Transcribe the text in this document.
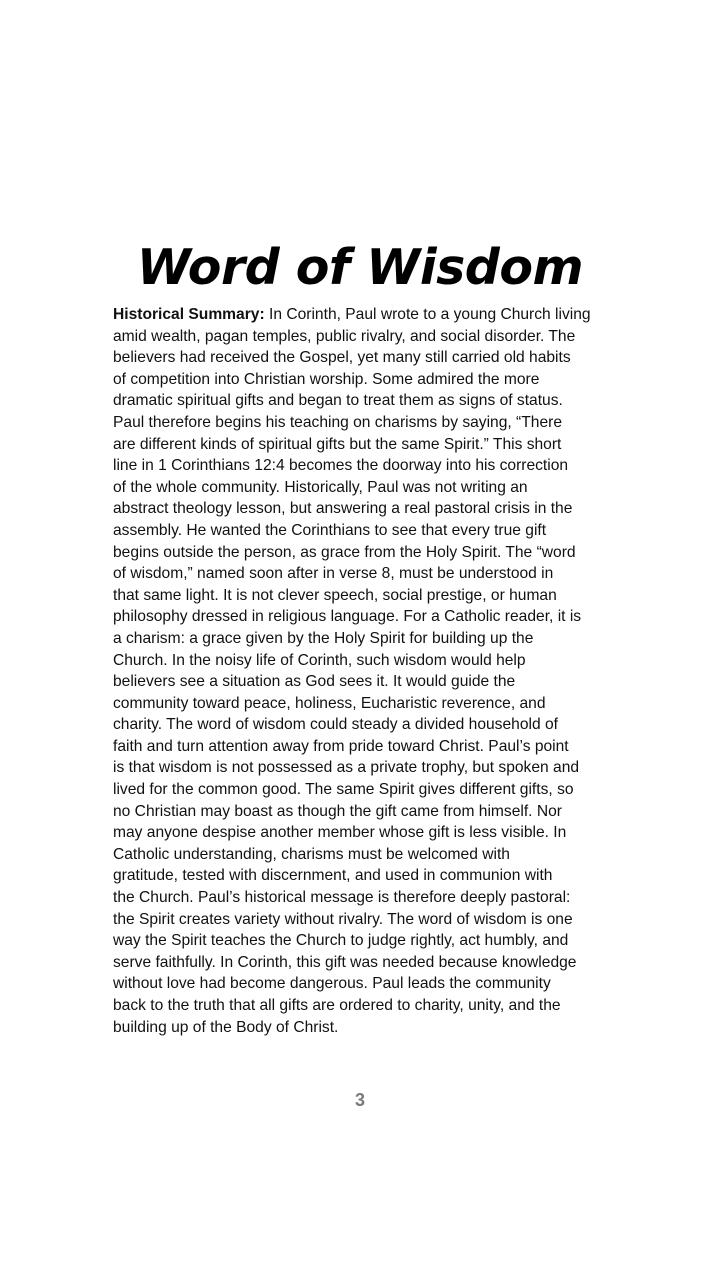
Word of Wisdom
Historical Summary: In Corinth, Paul wrote to a young Church living
amid wealth, pagan temples, public rivalry, and social disorder. The
believers had received the Gospel, yet many still carried old habits
of competition into Christian worship. Some admired the more
dramatic spiritual gifts and began to treat them as signs of status.
Paul therefore begins his teaching on charisms by saying, “There
are different kinds of spiritual gifts but the same Spirit.” This short
line in 1 Corinthians 12:4 becomes the doorway into his correction
of the whole community. Historically, Paul was not writing an
abstract theology lesson, but answering a real pastoral crisis in the
assembly. He wanted the Corinthians to see that every true gift
begins outside the person, as grace from the Holy Spirit. The “word
of wisdom,” named soon after in verse 8, must be understood in
that same light. It is not clever speech, social prestige, or human
philosophy dressed in religious language. For a Catholic reader, it is
a charism: a grace given by the Holy Spirit for building up the
Church. In the noisy life of Corinth, such wisdom would help
believers see a situation as God sees it. It would guide the
community toward peace, holiness, Eucharistic reverence, and
charity. The word of wisdom could steady a divided household of
faith and turn attention away from pride toward Christ. Paul’s point
is that wisdom is not possessed as a private trophy, but spoken and
lived for the common good. The same Spirit gives different gifts, so
no Christian may boast as though the gift came from himself. Nor
may anyone despise another member whose gift is less visible. In
Catholic understanding, charisms must be welcomed with
gratitude, tested with discernment, and used in communion with
the Church. Paul’s historical message is therefore deeply pastoral:
the Spirit creates variety without rivalry. The word of wisdom is one
way the Spirit teaches the Church to judge rightly, act humbly, and
serve faithfully. In Corinth, this gift was needed because knowledge
without love had become dangerous. Paul leads the community
back to the truth that all gifts are ordered to charity, unity, and the
building up of the Body of Christ.
3
